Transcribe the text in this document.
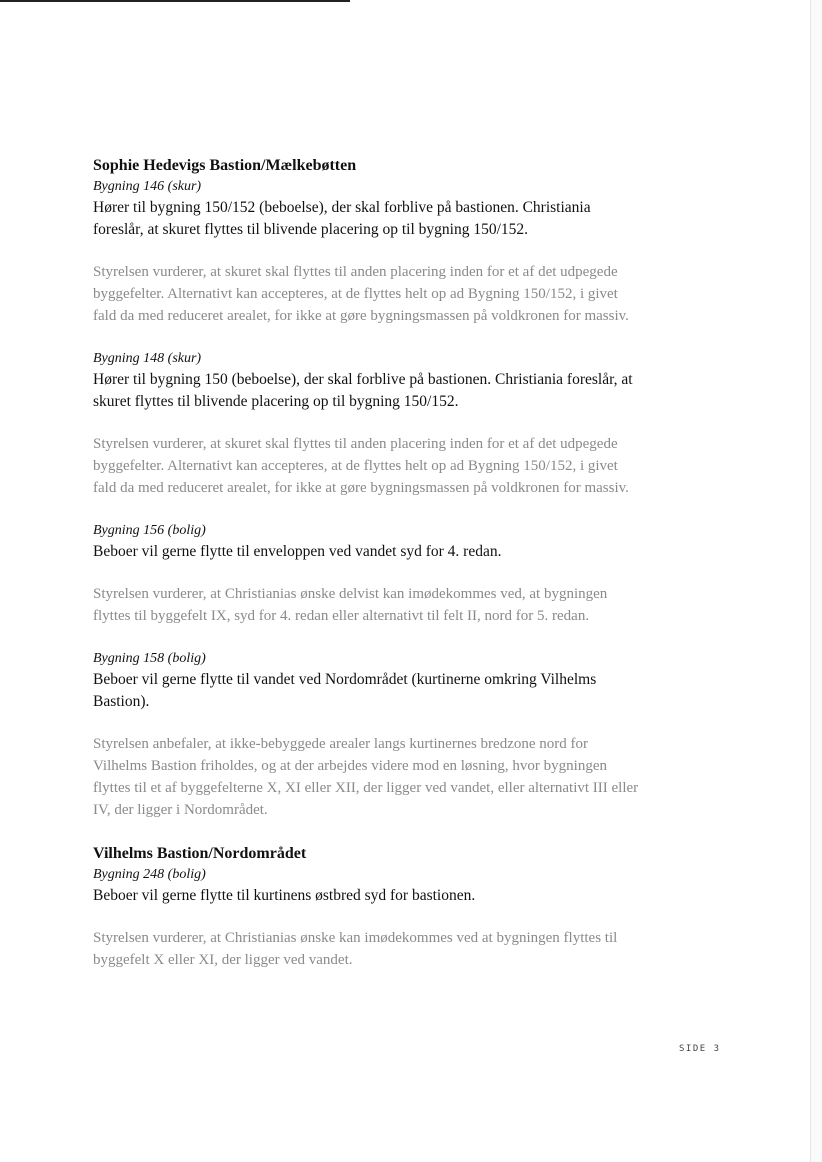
Sophie Hedevigs Bastion/Mælkebøtten

Bygning 146 (skur)

Hører til bygning 150/152 (beboelse), der skal forblive på bastionen. Christiania foreslår, at skuret flyttes til blivende placering op til bygning 150/152.

Styrelsen vurderer, at skuret skal flyttes til anden placering inden for et af det udpegede byggefelter. Alternativt kan accepteres, at de flyttes helt op ad Bygning 150/152, i givet fald da med reduceret arealet, for ikke at gøre bygningsmassen på voldkronen for massiv.

Bygning 148 (skur)

Hører til bygning 150 (beboelse), der skal forblive på bastionen. Christiania foreslår, at skuret flyttes til blivende placering op til bygning 150/152.

Styrelsen vurderer, at skuret skal flyttes til anden placering inden for et af det udpegede byggefelter. Alternativt kan accepteres, at de flyttes helt op ad Bygning 150/152, i givet fald da med reduceret arealet, for ikke at gøre bygningsmassen på voldkronen for massiv.

Bygning 156 (bolig)

Beboer vil gerne flytte til enveloppen ved vandet syd for 4. redan.

Styrelsen vurderer, at Christianias ønske delvist kan imødekommes ved, at bygningen flyttes til byggefelt IX, syd for 4. redan eller alternativt til felt II, nord for 5. redan.

Bygning 158 (bolig)

Beboer vil gerne flytte til vandet ved Nordområdet (kurtinerne omkring Vilhelms Bastion).

Styrelsen anbefaler, at ikke-bebyggede arealer langs kurtinernes bredzone nord for Vilhelms Bastion friholdes, og at der arbejdes videre mod en løsning, hvor bygningen flyttes til et af byggefelterne X, XI eller XII, der ligger ved vandet, eller alternativt III eller IV, der ligger i Nordområdet.

Vilhelms Bastion/Nordområdet

Bygning 248 (bolig)

Beboer vil gerne flytte til kurtinens østbred syd for bastionen.

Styrelsen vurderer, at Christianias ønske kan imødekommes ved at bygningen flyttes til byggefelt X eller XI, der ligger ved vandet.

SIDE 3
